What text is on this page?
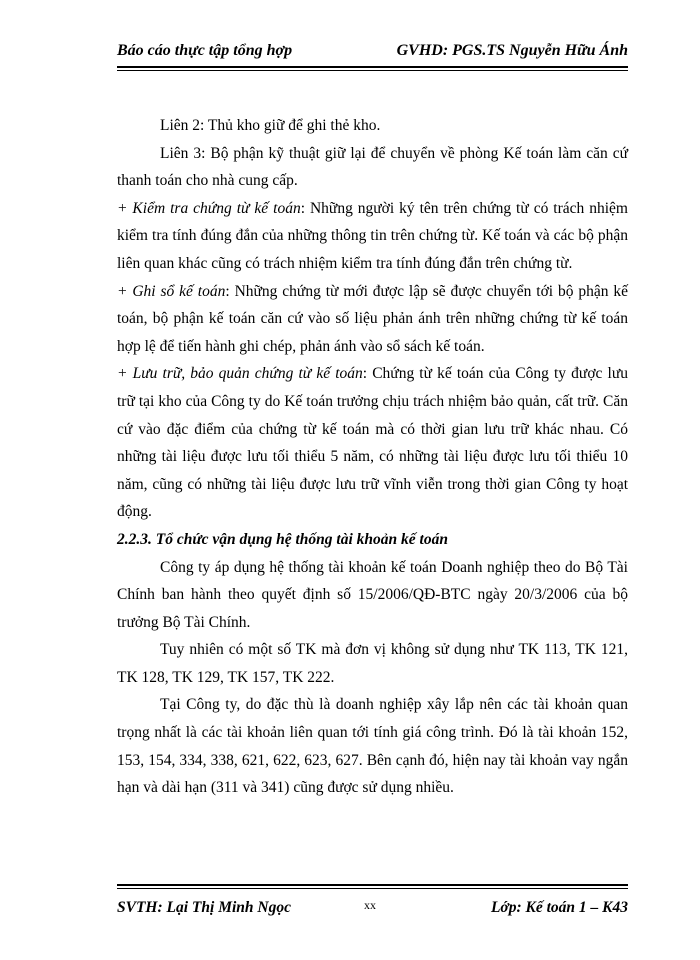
Báo cáo thực tập tổng hợp	GVHD: PGS.TS Nguyễn Hữu Ánh

Liên 2: Thủ kho giữ để ghi thẻ kho.

Liên 3: Bộ phận kỹ thuật giữ lại để chuyển về phòng Kế toán làm căn cứ thanh toán cho nhà cung cấp.

+ Kiểm tra chứng từ kế toán: Những người ký tên trên chứng từ có trách nhiệm kiểm tra tính đúng đắn của những thông tin trên chứng từ. Kế toán và các bộ phận liên quan khác cũng có trách nhiệm kiểm tra tính đúng đắn trên chứng từ.

+ Ghi sổ kế toán: Những chứng từ mới được lập sẽ được chuyển tới bộ phận kế toán, bộ phận kế toán căn cứ vào số liệu phản ánh trên những chứng từ kế toán hợp lệ để tiến hành ghi chép, phản ánh vào sổ sách kế toán.

+ Lưu trữ, bảo quản chứng từ kế toán: Chứng từ kế toán của Công ty được lưu trữ tại kho của Công ty do Kế toán trưởng chịu trách nhiệm bảo quản, cất trữ. Căn cứ vào đặc điểm của chứng từ kế toán mà có thời gian lưu trữ khác nhau. Có những tài liệu được lưu tối thiểu 5 năm, có những tài liệu được lưu tối thiểu 10 năm, cũng có những tài liệu được lưu trữ vĩnh viễn trong thời gian Công ty hoạt động.

2.2.3. Tổ chức vận dụng hệ thống tài khoản kế toán

Công ty áp dụng hệ thống tài khoản kế toán Doanh nghiệp theo do Bộ Tài Chính ban hành theo quyết định số 15/2006/QĐ-BTC ngày 20/3/2006 của bộ trưởng Bộ Tài Chính.

Tuy nhiên có một số TK mà đơn vị không sử dụng như TK 113, TK 121, TK 128, TK 129, TK 157, TK 222.

Tại Công ty, do đặc thù là doanh nghiệp xây lắp nên các tài khoản quan trọng nhất là các tài khoản liên quan tới tính giá công trình. Đó là tài khoản 152, 153, 154, 334, 338, 621, 622, 623, 627. Bên cạnh đó, hiện nay tài khoản vay ngắn hạn và dài hạn (311 và 341) cũng được sử dụng nhiều.

SVTH: Lại Thị Minh Ngọc	xx	Lớp: Kế toán 1 – K43
